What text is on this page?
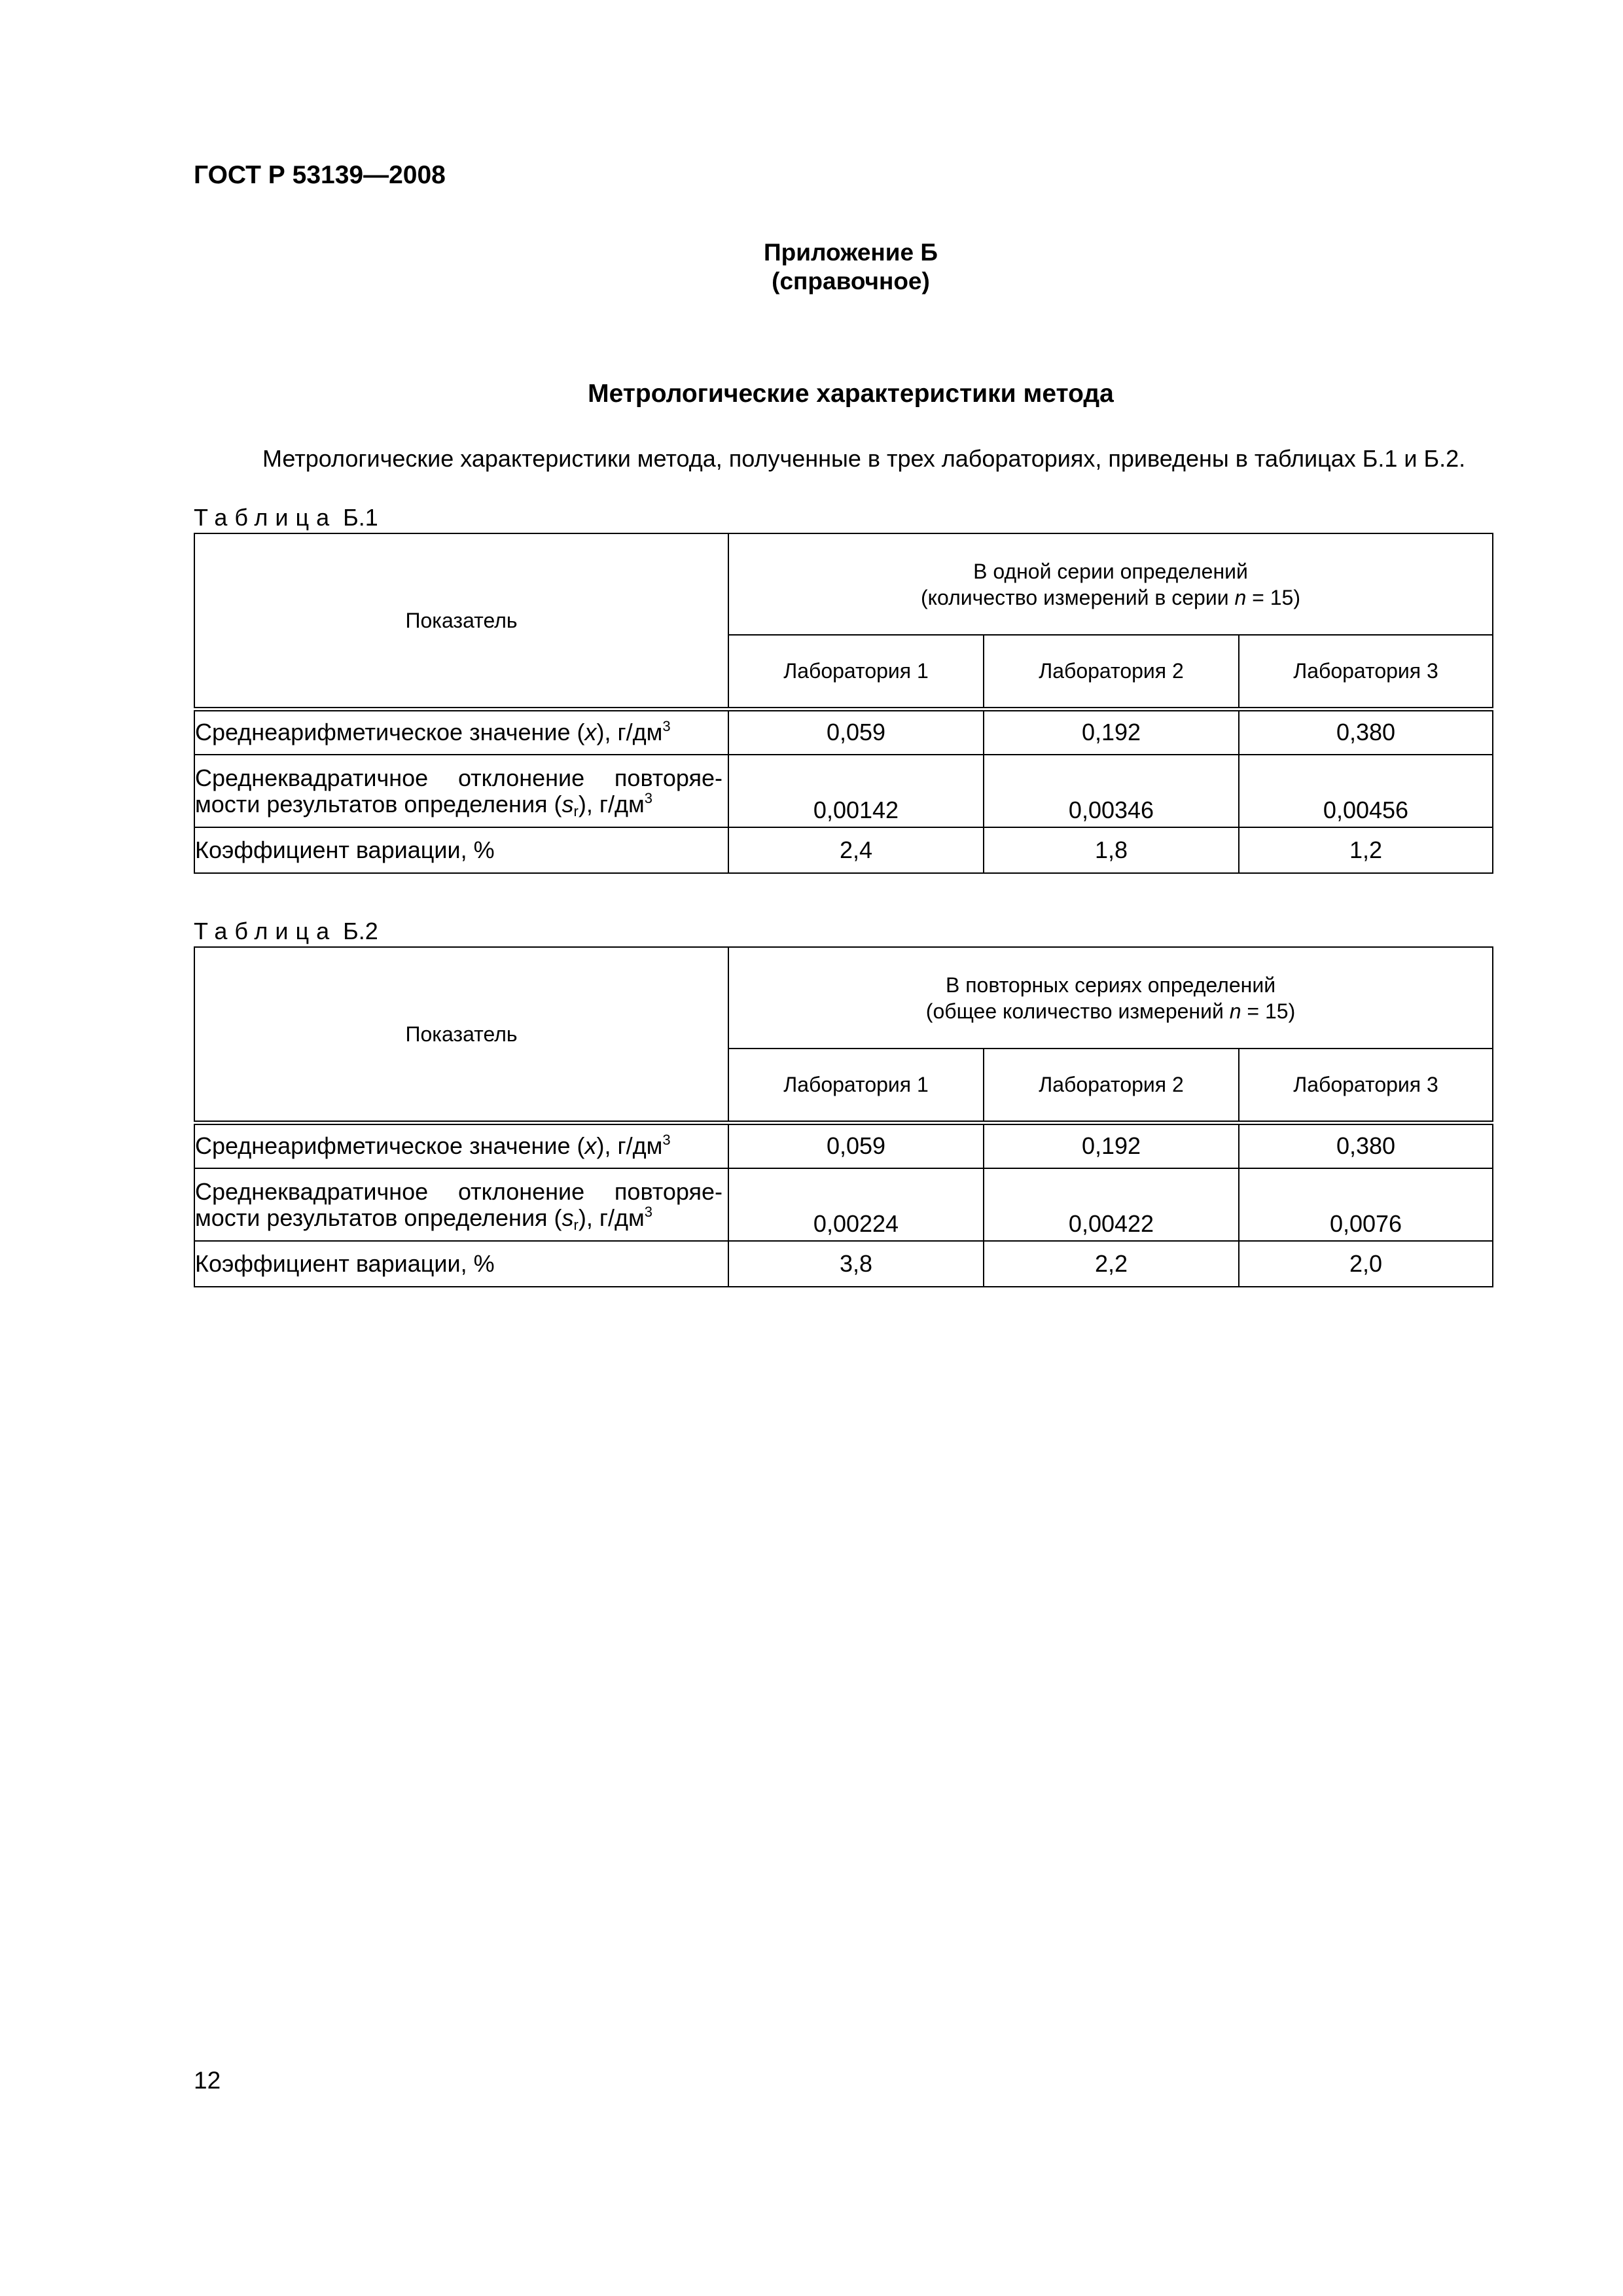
ГОСТ Р 53139—2008
Приложение Б
(справочное)
Метрологические характеристики метода
Метрологические характеристики метода, полученные в трех лабораториях, приведены в таблицах Б.1 и Б.2.
Таблица Б.1
Показатель	В одной серии определений
(количество измерений в серии n = 15)		

	Лаборатория 1	Лаборатория 2	Лаборатория 3
Среднеарифметическое значение (x), $г/дм^3$	0,059	0,192	0,380

Среднеквадратичное отклонение повторяе-
мости результатов определения $(s_r)$, $г/дм^3$	0,00142	0,00346	0,00456
Коэффициент вариации, %	2,4	1,8	1,2
Таблица Б.2
Показатель	В повторных сериях определений
(общее количество измерений n = 15)		

	Лаборатория 1	Лаборатория 2	Лаборатория 3
Среднеарифметическое значение (x), $г/дм^3$	0,059	0,192	0,380

Среднеквадратичное отклонение повторяе-
мости результатов определения $(s_r)$, $г/дм^3$	0,00224	0,00422	0,0076
Коэффициент вариации, %	3,8	2,2	2,0
12
